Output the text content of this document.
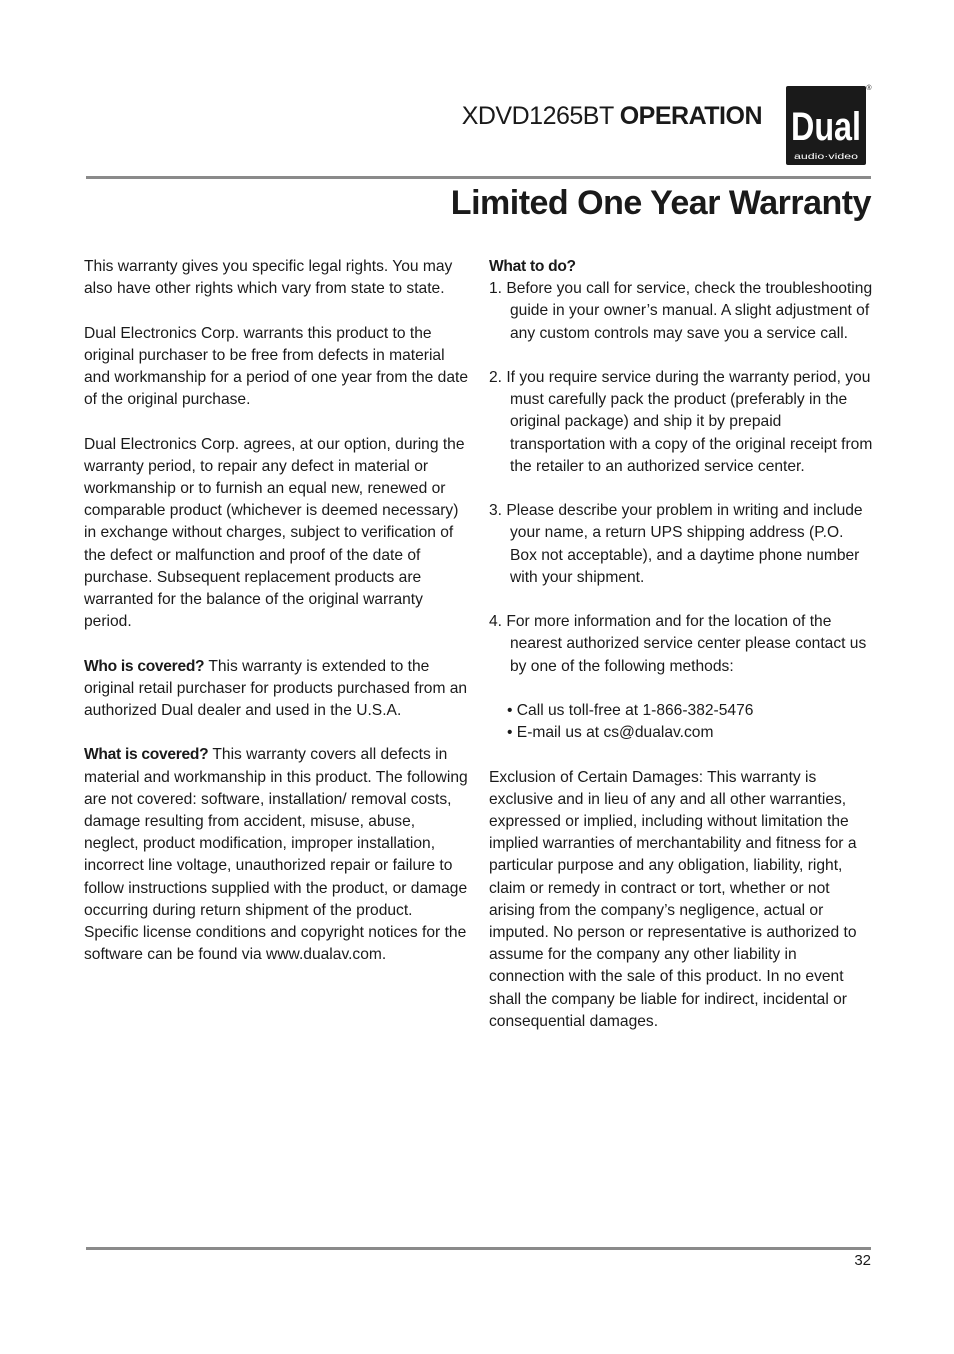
XDVD1265BT OPERATION Dual
audio·video
®
Limited One Year Warranty

This warranty gives you specific legal rights. You may also have other rights which vary from state to state.

Dual Electronics Corp. warrants this product to the original purchaser to be free from defects in material and workmanship for a period of one year from the date of the original purchase.

Dual Electronics Corp. agrees, at our option, during the warranty period, to repair any defect in material or workmanship or to furnish an equal new, renewed or comparable product (whichever is deemed necessary) in exchange without charges, subject to verification of the defect or malfunction and proof of the date of purchase. Subsequent replacement products are warranted for the balance of the original warranty period.

Who is covered? This warranty is extended to the original retail purchaser for products purchased from an authorized Dual dealer and used in the U.S.A.

What is covered? This warranty covers all defects in material and workmanship in this product. The following are not covered: software, installation/ removal costs, damage resulting from accident, misuse, abuse, neglect, product modification, improper installation, incorrect line voltage, unauthorized repair or failure to follow instructions supplied with the product, or damage occurring during return shipment of the product. Specific license conditions and copyright notices for the software can be found via www.dualav.com.

What to do?
1. Before you call for service, check the troubleshooting guide in your owner’s manual. A slight adjustment of any custom controls may save you a service call.
2. If you require service during the warranty period, you must carefully pack the product (preferably in the original package) and ship it by prepaid transportation with a copy of the original receipt from the retailer to an authorized service center.
3. Please describe your problem in writing and include your name, a return UPS shipping address (P.O. Box not acceptable), and a daytime phone number with your shipment.
4. For more information and for the location of the nearest authorized service center please contact us by one of the following methods:
• Call us toll-free at 1-866-382-5476
• E-mail us at cs@dualav.com

Exclusion of Certain Damages: This warranty is exclusive and in lieu of any and all other warranties, expressed or implied, including without limitation the implied warranties of merchantability and fitness for a particular purpose and any obligation, liability, right, claim or remedy in contract or tort, whether or not arising from the company’s negligence, actual or imputed. No person or representative is authorized to assume for the company any other liability in connection with the sale of this product. In no event shall the company be liable for indirect, incidental or consequential damages.

32
